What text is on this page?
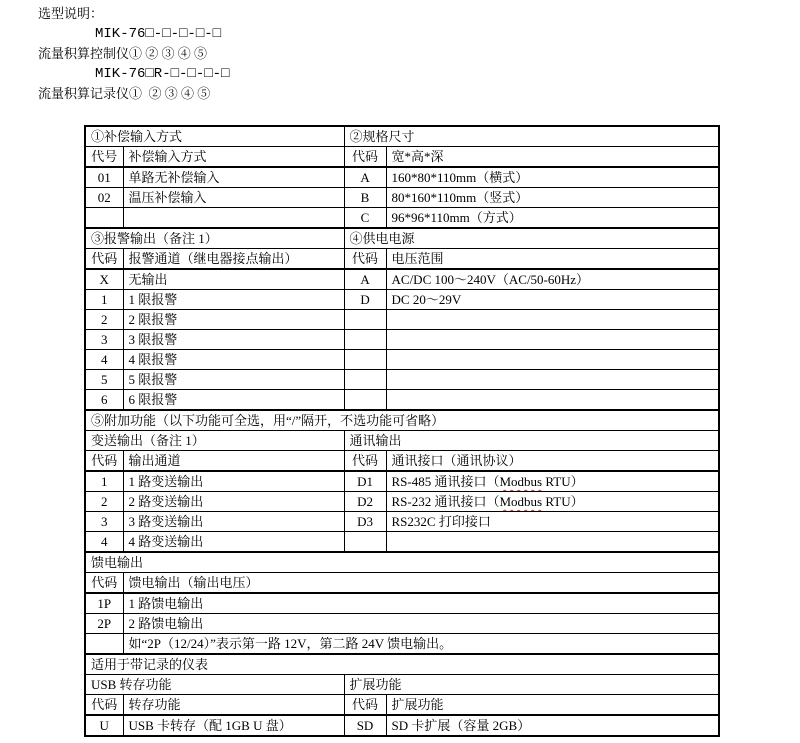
选型说明：
MIK-76□-□-□-□-□
流量积算控制仪① ② ③ ④ ⑤
MIK-76□R-□-□-□-□
流量积算记录仪①  ② ③ ④ ⑤
①补偿输入方式		②规格尺寸	
代号	补偿输入方式	代码	宽*高*深
01	单路无补偿输入	A	160*80*110mm（横式）
02	温压补偿输入	B	80*160*110mm（竖式）
		C	96*96*110mm（方式）
③报警输出（备注 1）		④供电电源	
代码	报警通道（继电器接点输出）	代码	电压范围
X	无输出	A	AC/DC 100～240V（AC/50-60Hz）
1	1 限报警	D	DC 20～29V
2	2 限报警		
3	3 限报警		
4	4 限报警		
5	5 限报警		
6	6 限报警		
⑤附加功能（以下功能可全选，用“/”隔开，不选功能可省略）			
变送输出（备注 1）		通讯输出	
代码	输出通道	代码	通讯接口（通讯协议）
1	1 路变送输出	D1	RS-485 通讯接口（Modbus RTU）
2	2 路变送输出	D2	RS-232 通讯接口（Modbus RTU）
3	3 路变送输出	D3	RS232C 打印接口
4	4 路变送输出		
馈电输出			
代码	馈电输出（输出电压）		
1P	1 路馈电输出		
2P	2 路馈电输出		
	如“2P（12/24）”表示第一路 12V，第二路 24V 馈电输出。		
适用于带记录的仪表			
USB 转存功能		扩展功能	
代码	转存功能	代码	扩展功能
U	USB 卡转存（配 1GB U 盘）	SD	SD 卡扩展（容量 2GB）
